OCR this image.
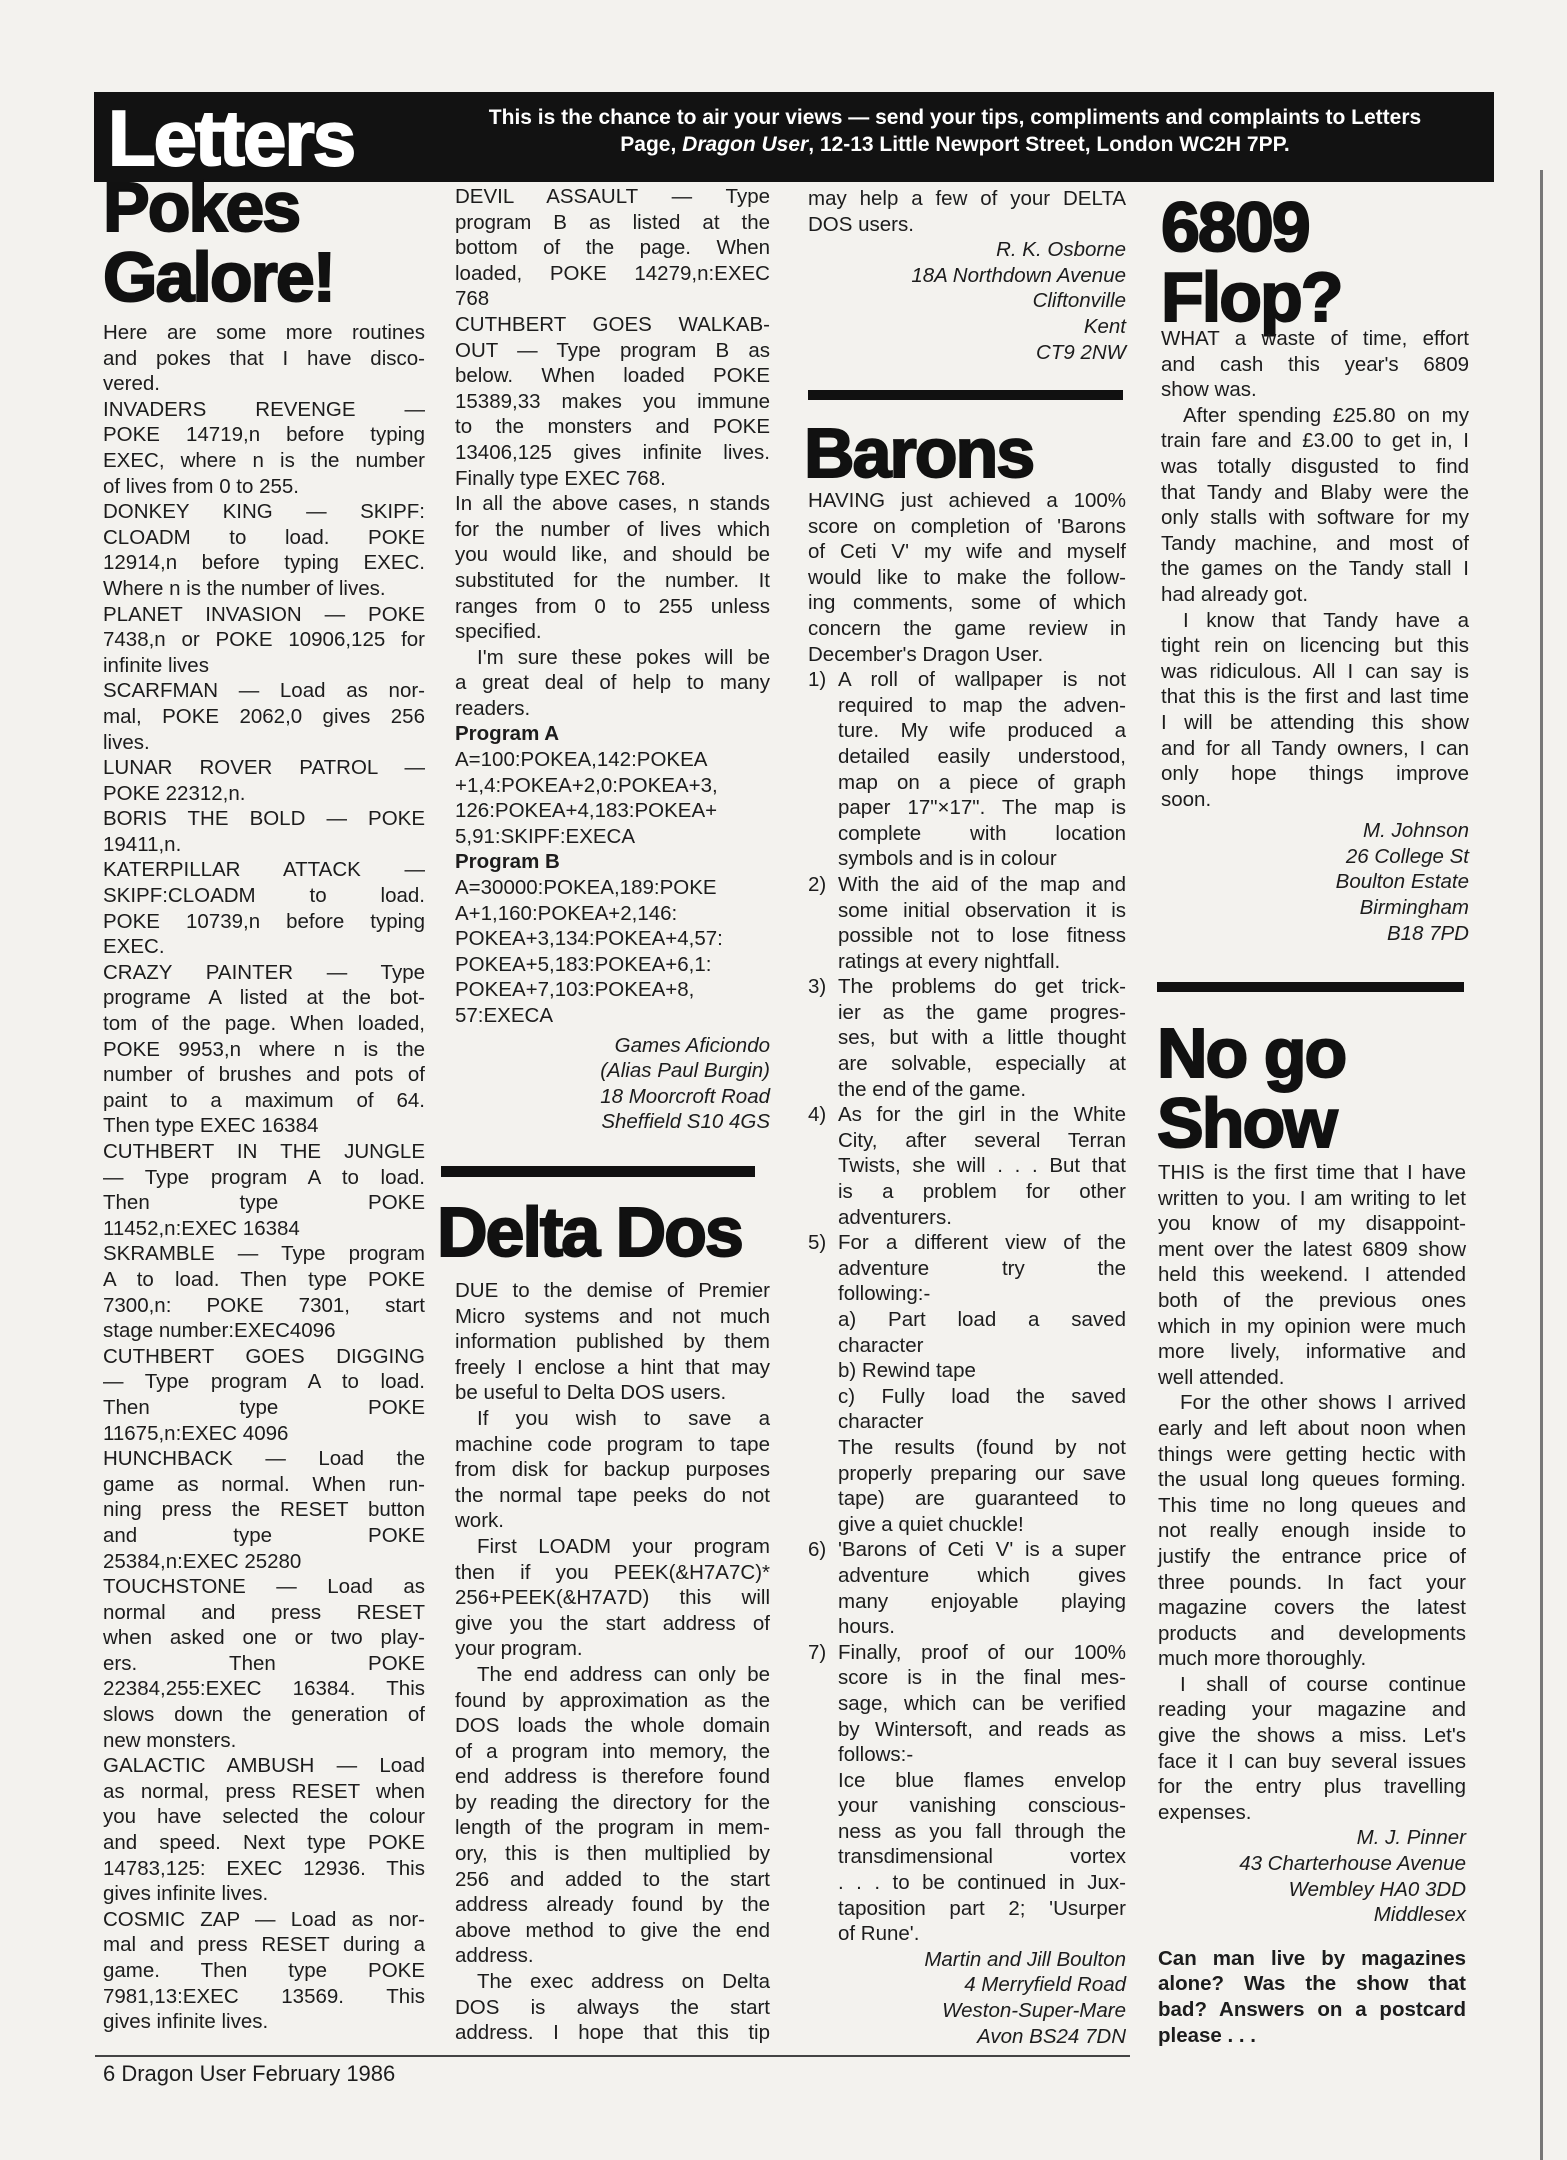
Letters	This is the chance to air your views — send your tips, compliments and complaints to Letters
Page, Dragon User, 12-13 Little Newport Street, London WC2H 7PP.
Pokes
Galore!
Here are some more routines
and pokes that I have disco-
vered.
INVADERS REVENGE —
POKE 14719,n before typing
EXEC, where n is the number
of lives from 0 to 255.
DONKEY KING — SKIPF:
CLOADM to load. POKE
12914,n before typing EXEC.
Where n is the number of lives.
PLANET INVASION — POKE
7438,n or POKE 10906,125 for
infinite lives
SCARFMAN — Load as nor-
mal, POKE 2062,0 gives 256
lives.
LUNAR ROVER PATROL —
POKE 22312,n.
BORIS THE BOLD — POKE
19411,n.
KATERPILLAR ATTACK —
SKIPF:CLOADM to load.
POKE 10739,n before typing
EXEC.
CRAZY PAINTER — Type
programe A listed at the bot-
tom of the page. When loaded,
POKE 9953,n where n is the
number of brushes and pots of
paint to a maximum of 64.
Then type EXEC 16384
CUTHBERT IN THE JUNGLE
— Type program A to load.
Then type POKE
11452,n:EXEC 16384
SKRAMBLE — Type program
A to load. Then type POKE
7300,n: POKE 7301, start
stage number:EXEC4096
CUTHBERT GOES DIGGING
— Type program A to load.
Then type POKE
11675,n:EXEC 4096
HUNCHBACK — Load the
game as normal. When run-
ning press the RESET button
and type POKE
25384,n:EXEC 25280
TOUCHSTONE — Load as
normal and press RESET
when asked one or two play-
ers. Then POKE
22384,255:EXEC 16384. This
slows down the generation of
new monsters.
GALACTIC AMBUSH — Load
as normal, press RESET when
you have selected the colour
and speed. Next type POKE
14783,125: EXEC 12936. This
gives infinite lives.
COSMIC ZAP — Load as nor-
mal and press RESET during a
game. Then type POKE
7981,13:EXEC 13569. This
gives infinite lives.
DEVIL ASSAULT — Type
program B as listed at the
bottom of the page. When
loaded, POKE 14279,n:EXEC
768
CUTHBERT GOES WALKAB-
OUT — Type program B as
below. When loaded POKE
15389,33 makes you immune
to the monsters and POKE
13406,125 gives infinite lives.
Finally type EXEC 768.
In all the above cases, n stands
for the number of lives which
you would like, and should be
substituted for the number. It
ranges from 0 to 255 unless
specified.
I'm sure these pokes will be
a great deal of help to many
readers.
Program A
A=100:POKEA,142:POKEA
+1,4:POKEA+2,0:POKEA+3,
126:POKEA+4,183:POKEA+
5,91:SKIPF:EXECA
Program B
A=30000:POKEA,189:POKE
A+1,160:POKEA+2,146:
POKEA+3,134:POKEA+4,57:
POKEA+5,183:POKEA+6,1:
POKEA+7,103:POKEA+8,
57:EXECA
Games Aficiondo
(Alias Paul Burgin)
18 Moorcroft Road
Sheffield S10 4GS
Delta Dos
DUE to the demise of Premier
Micro systems and not much
information published by them
freely I enclose a hint that may
be useful to Delta DOS users.
If you wish to save a
machine code program to tape
from disk for backup purposes
the normal tape peeks do not
work.
First LOADM your program
then if you PEEK(&H7A7C)*
256+PEEK(&H7A7D) this will
give you the start address of
your program.
The end address can only be
found by approximation as the
DOS loads the whole domain
of a program into memory, the
end address is therefore found
by reading the directory for the
length of the program in mem-
ory, this is then multiplied by
256 and added to the start
address already found by the
above method to give the end
address.
The exec address on Delta
DOS is always the start
address. I hope that this tip
may help a few of your DELTA
DOS users.
R. K. Osborne
18A Northdown Avenue
Cliftonville
Kent
CT9 2NW
Barons
HAVING just achieved a 100%
score on completion of 'Barons
of Ceti V' my wife and myself
would like to make the follow-
ing comments, some of which
concern the game review in
December's Dragon User.
1) A roll of wallpaper is not
required to map the adven-
ture. My wife produced a
detailed easily understood,
map on a piece of graph
paper 17"×17". The map is
complete with location
symbols and is in colour
2) With the aid of the map and
some initial observation it is
possible not to lose fitness
ratings at every nightfall.
3) The problems do get trick-
ier as the game progres-
ses, but with a little thought
are solvable, especially at
the end of the game.
4) As for the girl in the White
City, after several Terran
Twists, she will . . . But that
is a problem for other
adventurers.
5) For a different view of the
adventure try the
following:-
a) Part load a saved
character
b) Rewind tape
c) Fully load the saved
character
The results (found by not
properly preparing our save
tape) are guaranteed to
give a quiet chuckle!
6) 'Barons of Ceti V' is a super
adventure which gives
many enjoyable playing
hours.
7) Finally, proof of our 100%
score is in the final mes-
sage, which can be verified
by Wintersoft, and reads as
follows:-
Ice blue flames envelop
your vanishing conscious-
ness as you fall through the
transdimensional vortex
. . . to be continued in Jux-
taposition part 2; 'Usurper
of Rune'.
Martin and Jill Boulton
4 Merryfield Road
Weston-Super-Mare
Avon BS24 7DN
6809
Flop?
WHAT a waste of time, effort
and cash this year's 6809
show was.
After spending £25.80 on my
train fare and £3.00 to get in, I
was totally disgusted to find
that Tandy and Blaby were the
only stalls with software for my
Tandy machine, and most of
the games on the Tandy stall I
had already got.
I know that Tandy have a
tight rein on licencing but this
was ridiculous. All I can say is
that this is the first and last time
I will be attending this show
and for all Tandy owners, I can
only hope things improve
soon.
M. Johnson
26 College St
Boulton Estate
Birmingham
B18 7PD
No go
Show
THIS is the first time that I have
written to you. I am writing to let
you know of my disappoint-
ment over the latest 6809 show
held this weekend. I attended
both of the previous ones
which in my opinion were much
more lively, informative and
well attended.
For the other shows I arrived
early and left about noon when
things were getting hectic with
the usual long queues forming.
This time no long queues and
not really enough inside to
justify the entrance price of
three pounds. In fact your
magazine covers the latest
products and developments
much more thoroughly.
I shall of course continue
reading your magazine and
give the shows a miss. Let's
face it I can buy several issues
for the entry plus travelling
expenses.
M. J. Pinner
43 Charterhouse Avenue
Wembley HA0 3DD
Middlesex
Can man live by magazines
alone? Was the show that
bad? Answers on a postcard
please . . .
6 Dragon User February 1986
